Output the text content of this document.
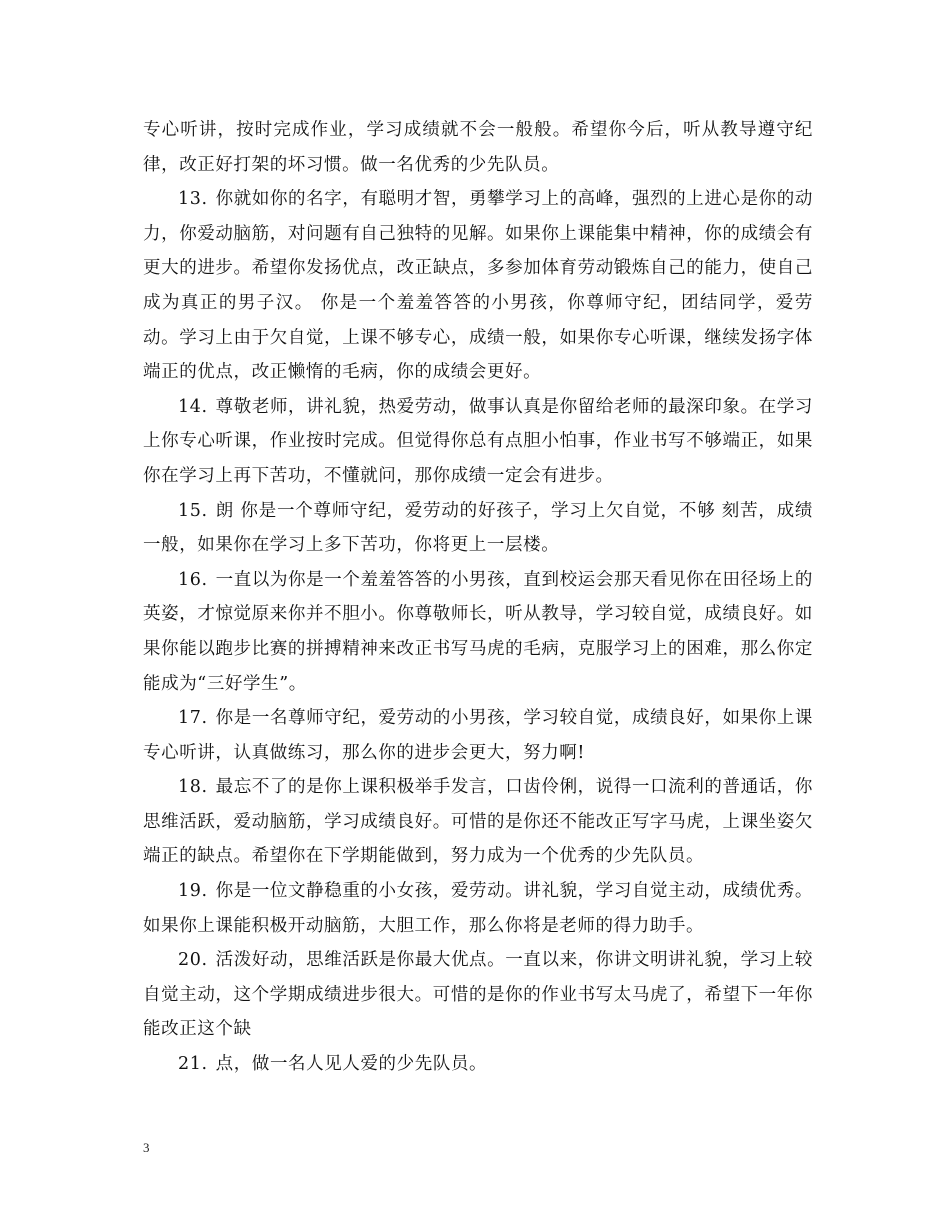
专心听讲，按时完成作业，学习成绩就不会一般般。希望你今后，听从教导遵守纪律，改正好打架的坏习惯。做一名优秀的少先队员。

13. 你就如你的名字，有聪明才智，勇攀学习上的高峰，强烈的上进心是你的动力，你爱动脑筋，对问题有自己独特的见解。如果你上课能集中精神，你的成绩会有更大的进步。希望你发扬优点，改正缺点，多参加体育劳动锻炼自己的能力，使自己成为真正的男子汉。 你是一个羞羞答答的小男孩，你尊师守纪，团结同学，爱劳动。学习上由于欠自觉，上课不够专心，成绩一般，如果你专心听课，继续发扬字体端正的优点，改正懒惰的毛病，你的成绩会更好。

14. 尊敬老师，讲礼貌，热爱劳动，做事认真是你留给老师的最深印象。在学习上你专心听课，作业按时完成。但觉得你总有点胆小怕事，作业书写不够端正，如果你在学习上再下苦功，不懂就问，那你成绩一定会有进步。

15. 朗 你是一个尊师守纪，爱劳动的好孩子，学习上欠自觉，不够 刻苦，成绩一般，如果你在学习上多下苦功，你将更上一层楼。

16. 一直以为你是一个羞羞答答的小男孩，直到校运会那天看见你在田径场上的英姿，才惊觉原来你并不胆小。你尊敬师长，听从教导，学习较自觉，成绩良好。如果你能以跑步比赛的拼搏精神来改正书写马虎的毛病，克服学习上的困难，那么你定能成为“三好学生”。

17. 你是一名尊师守纪，爱劳动的小男孩，学习较自觉，成绩良好，如果你上课专心听讲，认真做练习，那么你的进步会更大，努力啊!

18. 最忘不了的是你上课积极举手发言，口齿伶俐，说得一口流利的普通话，你思维活跃，爱动脑筋，学习成绩良好。可惜的是你还不能改正写字马虎，上课坐姿欠端正的缺点。希望你在下学期能做到，努力成为一个优秀的少先队员。

19. 你是一位文静稳重的小女孩，爱劳动。讲礼貌，学习自觉主动，成绩优秀。如果你上课能积极开动脑筋，大胆工作，那么你将是老师的得力助手。

20. 活泼好动，思维活跃是你最大优点。一直以来，你讲文明讲礼貌，学习上较自觉主动，这个学期成绩进步很大。可惜的是你的作业书写太马虎了，希望下一年你能改正这个缺

21. 点，做一名人见人爱的少先队员。

3
